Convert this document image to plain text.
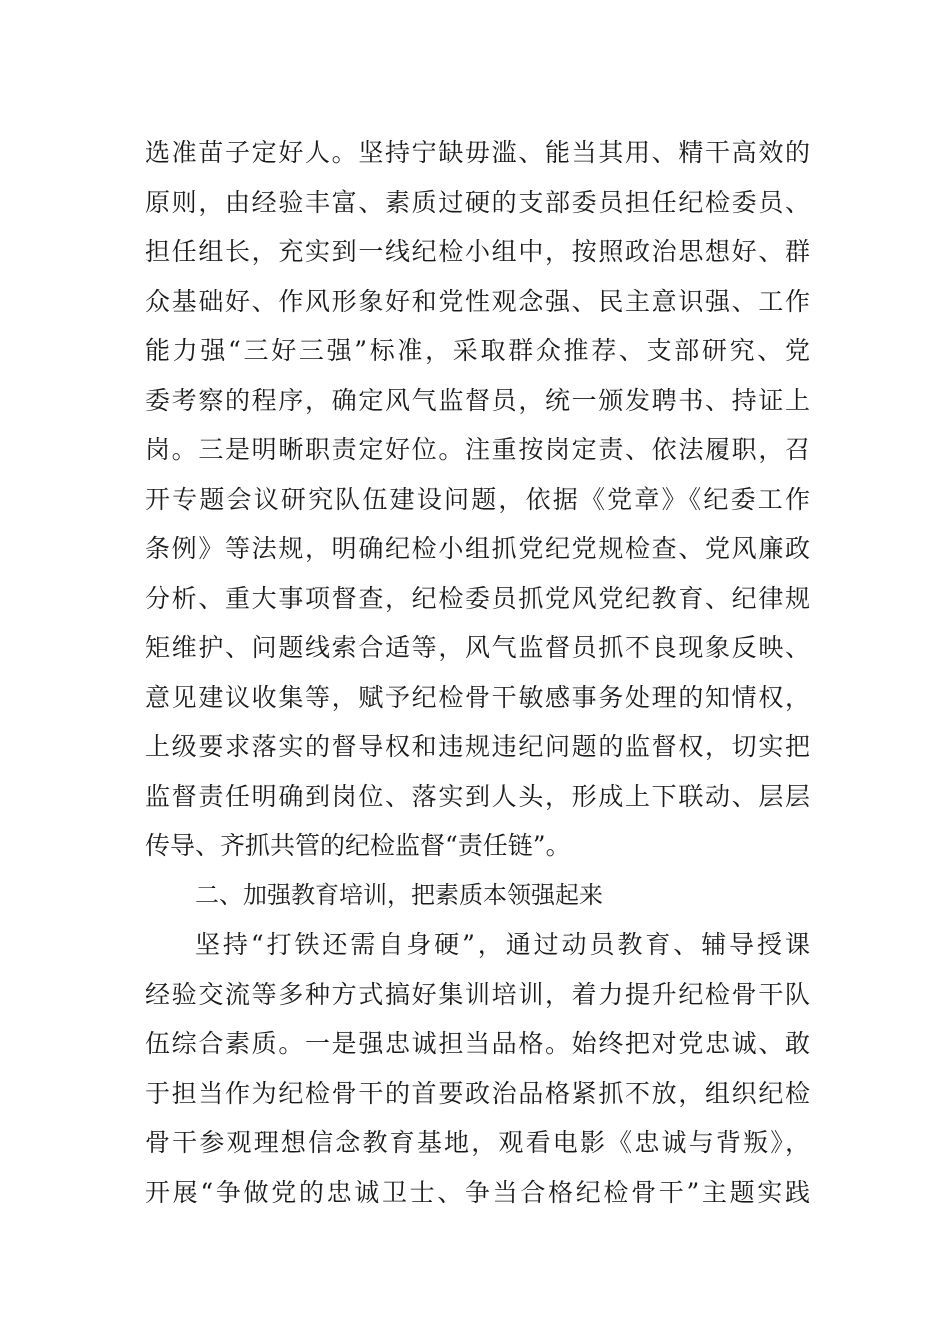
选准苗子定好人。坚持宁缺毋滥、能当其用、精干高效的
原则，由经验丰富、素质过硬的支部委员担任纪检委员、
担任组长，充实到一线纪检小组中，按照政治思想好、群
众基础好、作风形象好和党性观念强、民主意识强、工作
能力强“三好三强”标准，采取群众推荐、支部研究、党
委考察的程序，确定风气监督员，统一颁发聘书、持证上
岗。三是明晰职责定好位。注重按岗定责、依法履职，召
开专题会议研究队伍建设问题，依据《党章》《纪委工作
条例》等法规，明确纪检小组抓党纪党规检查、党风廉政
分析、重大事项督查，纪检委员抓党风党纪教育、纪律规
矩维护、问题线索合适等，风气监督员抓不良现象反映、
意见建议收集等，赋予纪检骨干敏感事务处理的知情权，
上级要求落实的督导权和违规违纪问题的监督权，切实把
监督责任明确到岗位、落实到人头，形成上下联动、层层
传导、齐抓共管的纪检监督“责任链”。
二、加强教育培训，把素质本领强起来
坚持“打铁还需自身硬”，通过动员教育、辅导授课
经验交流等多种方式搞好集训培训，着力提升纪检骨干队
伍综合素质。一是强忠诚担当品格。始终把对党忠诚、敢
于担当作为纪检骨干的首要政治品格紧抓不放，组织纪检
骨干参观理想信念教育基地，观看电影《忠诚与背叛》，
开展“争做党的忠诚卫士、争当合格纪检骨干”主题实践
